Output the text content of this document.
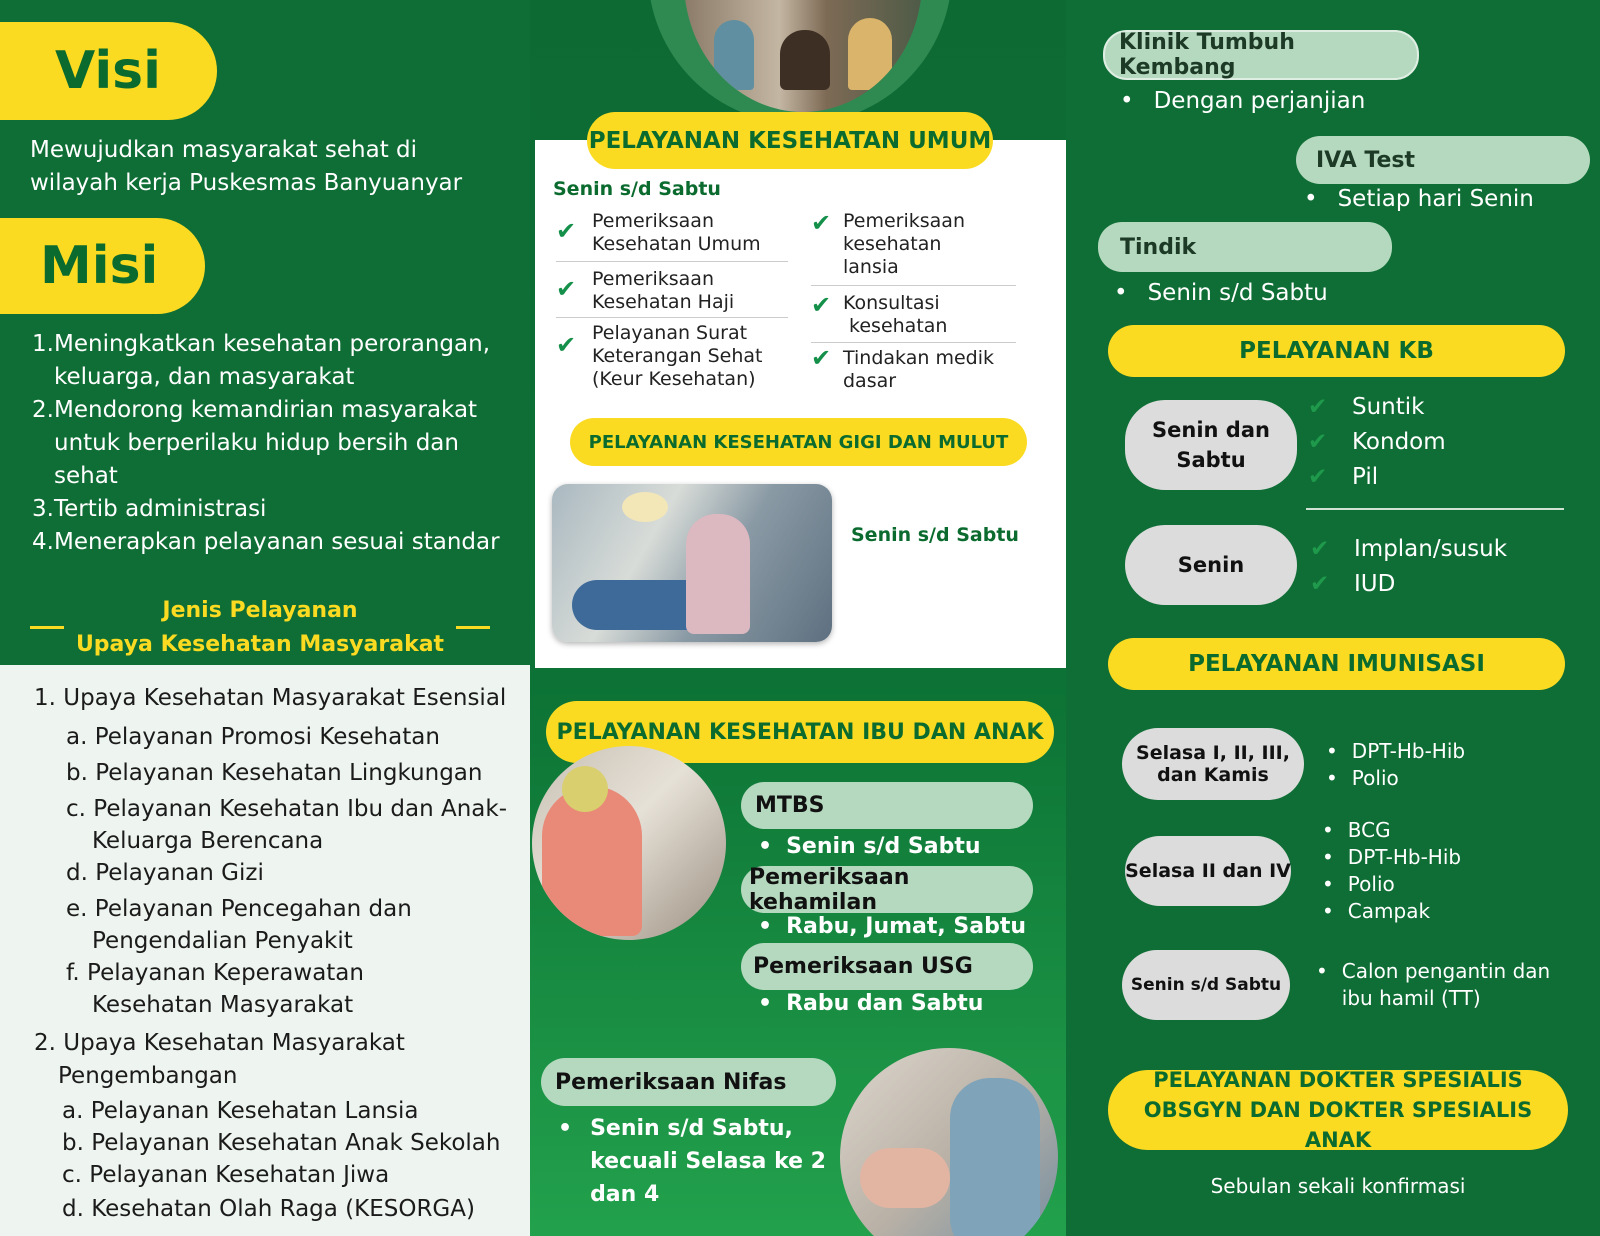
Visi
Mewujudkan masyarakat sehat di
wilayah kerja Puskesmas Banyuanyar
Misi
1. Meningkatkan kesehatan perorangan,
keluarga, dan masyarakat
2. Mendorong kemandirian masyarakat
untuk berperilaku hidup bersih dan
sehat
3. Tertib administrasi
4. Menerapkan pelayanan sesuai standar
Jenis Pelayanan
Upaya Kesehatan Masyarakat
1. Upaya Kesehatan Masyarakat Esensial
a. Pelayanan Promosi Kesehatan
b. Pelayanan Kesehatan Lingkungan
c. Pelayanan Kesehatan Ibu dan Anak-
Keluarga Berencana
d. Pelayanan Gizi
e. Pelayanan Pencegahan dan
Pengendalian Penyakit
f. Pelayanan Keperawatan
Kesehatan Masyarakat
2. Upaya Kesehatan Masyarakat
Pengembangan
a. Pelayanan Kesehatan Lansia
b. Pelayanan Kesehatan Anak Sekolah
c. Pelayanan Kesehatan Jiwa
d. Kesehatan Olah Raga (KESORGA)
PELAYANAN KESEHATAN UMUM
Senin s/d Sabtu
✔ Pemeriksaan
Kesehatan Umum
✔ Pemeriksaan
Kesehatan Haji
✔ Pelayanan Surat
Keterangan Sehat
(Keur Kesehatan)
✔ Pemeriksaan
kesehatan
lansia
✔ Konsultasi
kesehatan
✔ Tindakan medik
dasar
PELAYANAN KESEHATAN GIGI DAN MULUT
Senin s/d Sabtu
PELAYANAN KESEHATAN IBU DAN ANAK
MTBS
• Senin s/d Sabtu
Pemeriksaan kehamilan
• Rabu, Jumat, Sabtu
Pemeriksaan USG
• Rabu dan Sabtu
Pemeriksaan Nifas
• Senin s/d Sabtu,
kecuali Selasa ke 2
dan 4
Klinik Tumbuh Kembang
• Dengan perjanjian
IVA Test
• Setiap hari Senin
Tindik
• Senin s/d Sabtu
PELAYANAN KB
Senin dan
Sabtu
✔	Suntik
✔	Kondom
✔	Pil
Senin
✔	Implan/susuk
✔	IUD
PELAYANAN IMUNISASI
Selasa I, II, III,
dan Kamis
• DPT-Hb-Hib
• Polio
Selasa II dan IV
• BCG
• DPT-Hb-Hib
• Polio
• Campak
Senin s/d Sabtu
• Calon pengantin dan
ibu hamil (TT)
PELAYANAN DOKTER SPESIALIS
OBSGYN DAN DOKTER SPESIALIS ANAK
Sebulan sekali konfirmasi
